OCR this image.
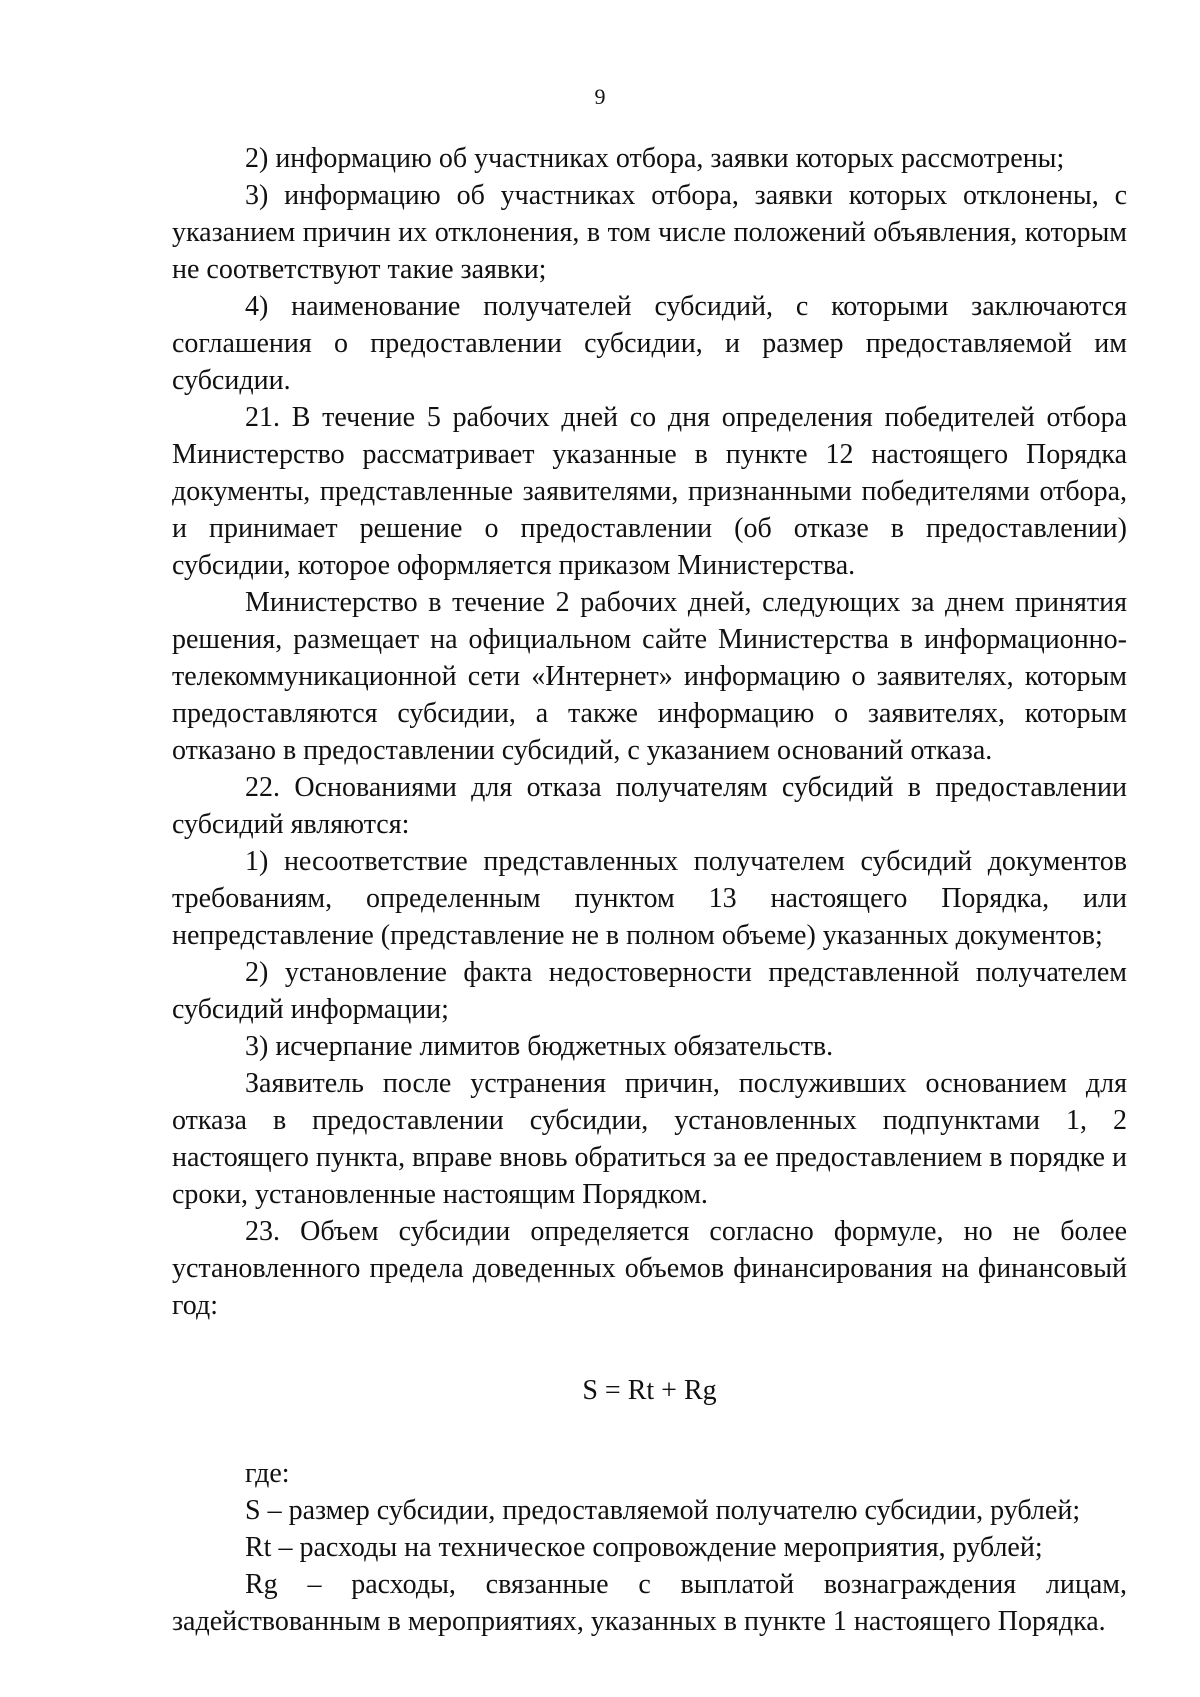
9

2) информацию об участниках отбора, заявки которых рассмотрены;

3) информацию об участниках отбора, заявки которых отклонены, с указанием причин их отклонения, в том числе положений объявления, которым не соответствуют такие заявки;

4) наименование получателей субсидий, с которыми заключаются соглашения о предоставлении субсидии, и размер предоставляемой им субсидии.

21. В течение 5 рабочих дней со дня определения победителей отбора Министерство рассматривает указанные в пункте 12 настоящего Порядка документы, представленные заявителями, признанными победителями отбора, и принимает решение о предоставлении (об отказе в предоставлении) субсидии, которое оформляется приказом Министерства.

Министерство в течение 2 рабочих дней, следующих за днем принятия решения, размещает на официальном сайте Министерства в информационно-телекоммуникационной сети «Интернет» информацию о заявителях, которым предоставляются субсидии, а также информацию о заявителях, которым отказано в предоставлении субсидий, с указанием оснований отказа.

22. Основаниями для отказа получателям субсидий в предоставлении субсидий являются:

1) несоответствие представленных получателем субсидий документов требованиям, определенным пунктом 13 настоящего Порядка, или непредставление (представление не в полном объеме) указанных документов;

2) установление факта недостоверности представленной получателем субсидий информации;

3) исчерпание лимитов бюджетных обязательств.

Заявитель после устранения причин, послуживших основанием для отказа в предоставлении субсидии, установленных подпунктами 1, 2 настоящего пункта, вправе вновь обратиться за ее предоставлением в порядке и сроки, установленные настоящим Порядком.

23. Объем субсидии определяется согласно формуле, но не более установленного предела доведенных объемов финансирования на финансовый год:

S = Rt + Rg

где:

S – размер субсидии, предоставляемой получателю субсидии, рублей;

Rt – расходы на техническое сопровождение мероприятия, рублей;

Rg – расходы, связанные с выплатой вознаграждения лицам, задействованным в мероприятиях, указанных в пункте 1 настоящего Порядка.
